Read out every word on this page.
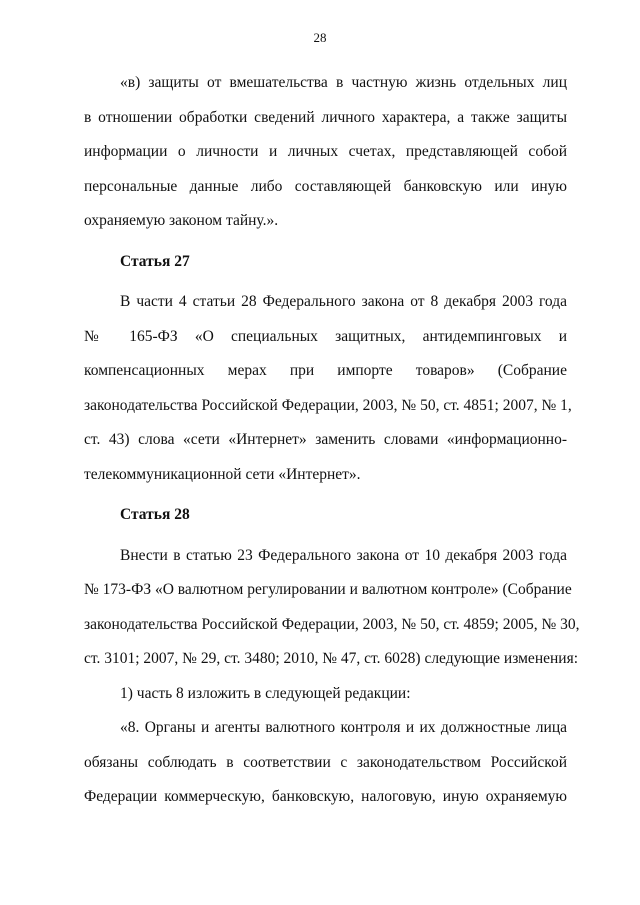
28
«в) защиты от вмешательства в частную жизнь отдельных лиц
в отношении обработки сведений личного характера, а также защиты
информации о личности и личных счетах, представляющей собой
персональные данные либо составляющей банковскую или иную
охраняемую законом тайну.».
Статья 27
В части 4 статьи 28 Федерального закона от 8 декабря 2003 года
№ 165-ФЗ «О специальных защитных, антидемпинговых и
компенсационных мерах при импорте товаров» (Собрание
законодательства Российской Федерации, 2003, № 50, ст. 4851; 2007, № 1,
ст. 43) слова «сети «Интернет» заменить словами «информационно-
телекоммуникационной сети «Интернет».
Статья 28
Внести в статью 23 Федерального закона от 10 декабря 2003 года
№ 173-ФЗ «О валютном регулировании и валютном контроле» (Собрание
законодательства Российской Федерации, 2003, № 50, ст. 4859; 2005, № 30,
ст. 3101; 2007, № 29, ст. 3480; 2010, № 47, ст. 6028) следующие изменения:
1) часть 8 изложить в следующей редакции:
«8. Органы и агенты валютного контроля и их должностные лица
обязаны соблюдать в соответствии с законодательством Российской
Федерации коммерческую, банковскую, налоговую, иную охраняемую
